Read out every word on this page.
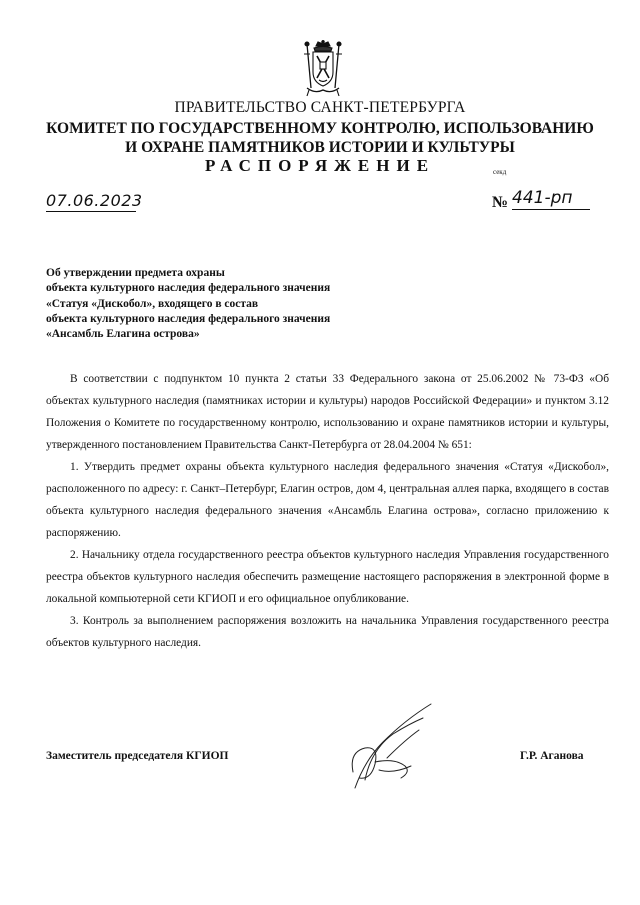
ПРАВИТЕЛЬСТВО САНКТ-ПЕТЕРБУРГА
КОМИТЕТ ПО ГОСУДАРСТВЕННОМУ КОНТРОЛЮ, ИСПОЛЬЗОВАНИЮ
И ОХРАНЕ ПАМЯТНИКОВ ИСТОРИИ И КУЛЬТУРЫ
РАСПОРЯЖЕНИЕ	секд
07.06.2023	№ 441-рп
Об утверждении предмета охраны
объекта культурного наследия федерального значения
«Статуя «Дискобол», входящего в состав
объекта культурного наследия федерального значения
«Ансамбль Елагина острова»

В соответствии с подпунктом 10 пункта 2 статьи 33 Федерального закона от 25.06.2002 № 73-ФЗ «Об объектах культурного наследия (памятниках истории и культуры) народов Российской Федерации» и пунктом 3.12 Положения о Комитете по государственному контролю, использованию и охране памятников истории и культуры, утвержденного постановлением Правительства Санкт-Петербурга от 28.04.2004 № 651:

1. Утвердить предмет охраны объекта культурного наследия федерального значения «Статуя «Дискобол», расположенного по адресу: г. Санкт–Петербург, Елагин остров, дом 4, центральная аллея парка, входящего в состав объекта культурного наследия федерального значения «Ансамбль Елагина острова», согласно приложению к распоряжению.

2. Начальнику отдела государственного реестра объектов культурного наследия Управления государственного реестра объектов культурного наследия обеспечить размещение настоящего распоряжения в электронной форме в локальной компьютерной сети КГИОП и его официальное опубликование.

3. Контроль за выполнением распоряжения возложить на начальника Управления государственного реестра объектов культурного наследия.

Заместитель председателя КГИОП	Г.Р. Аганова
